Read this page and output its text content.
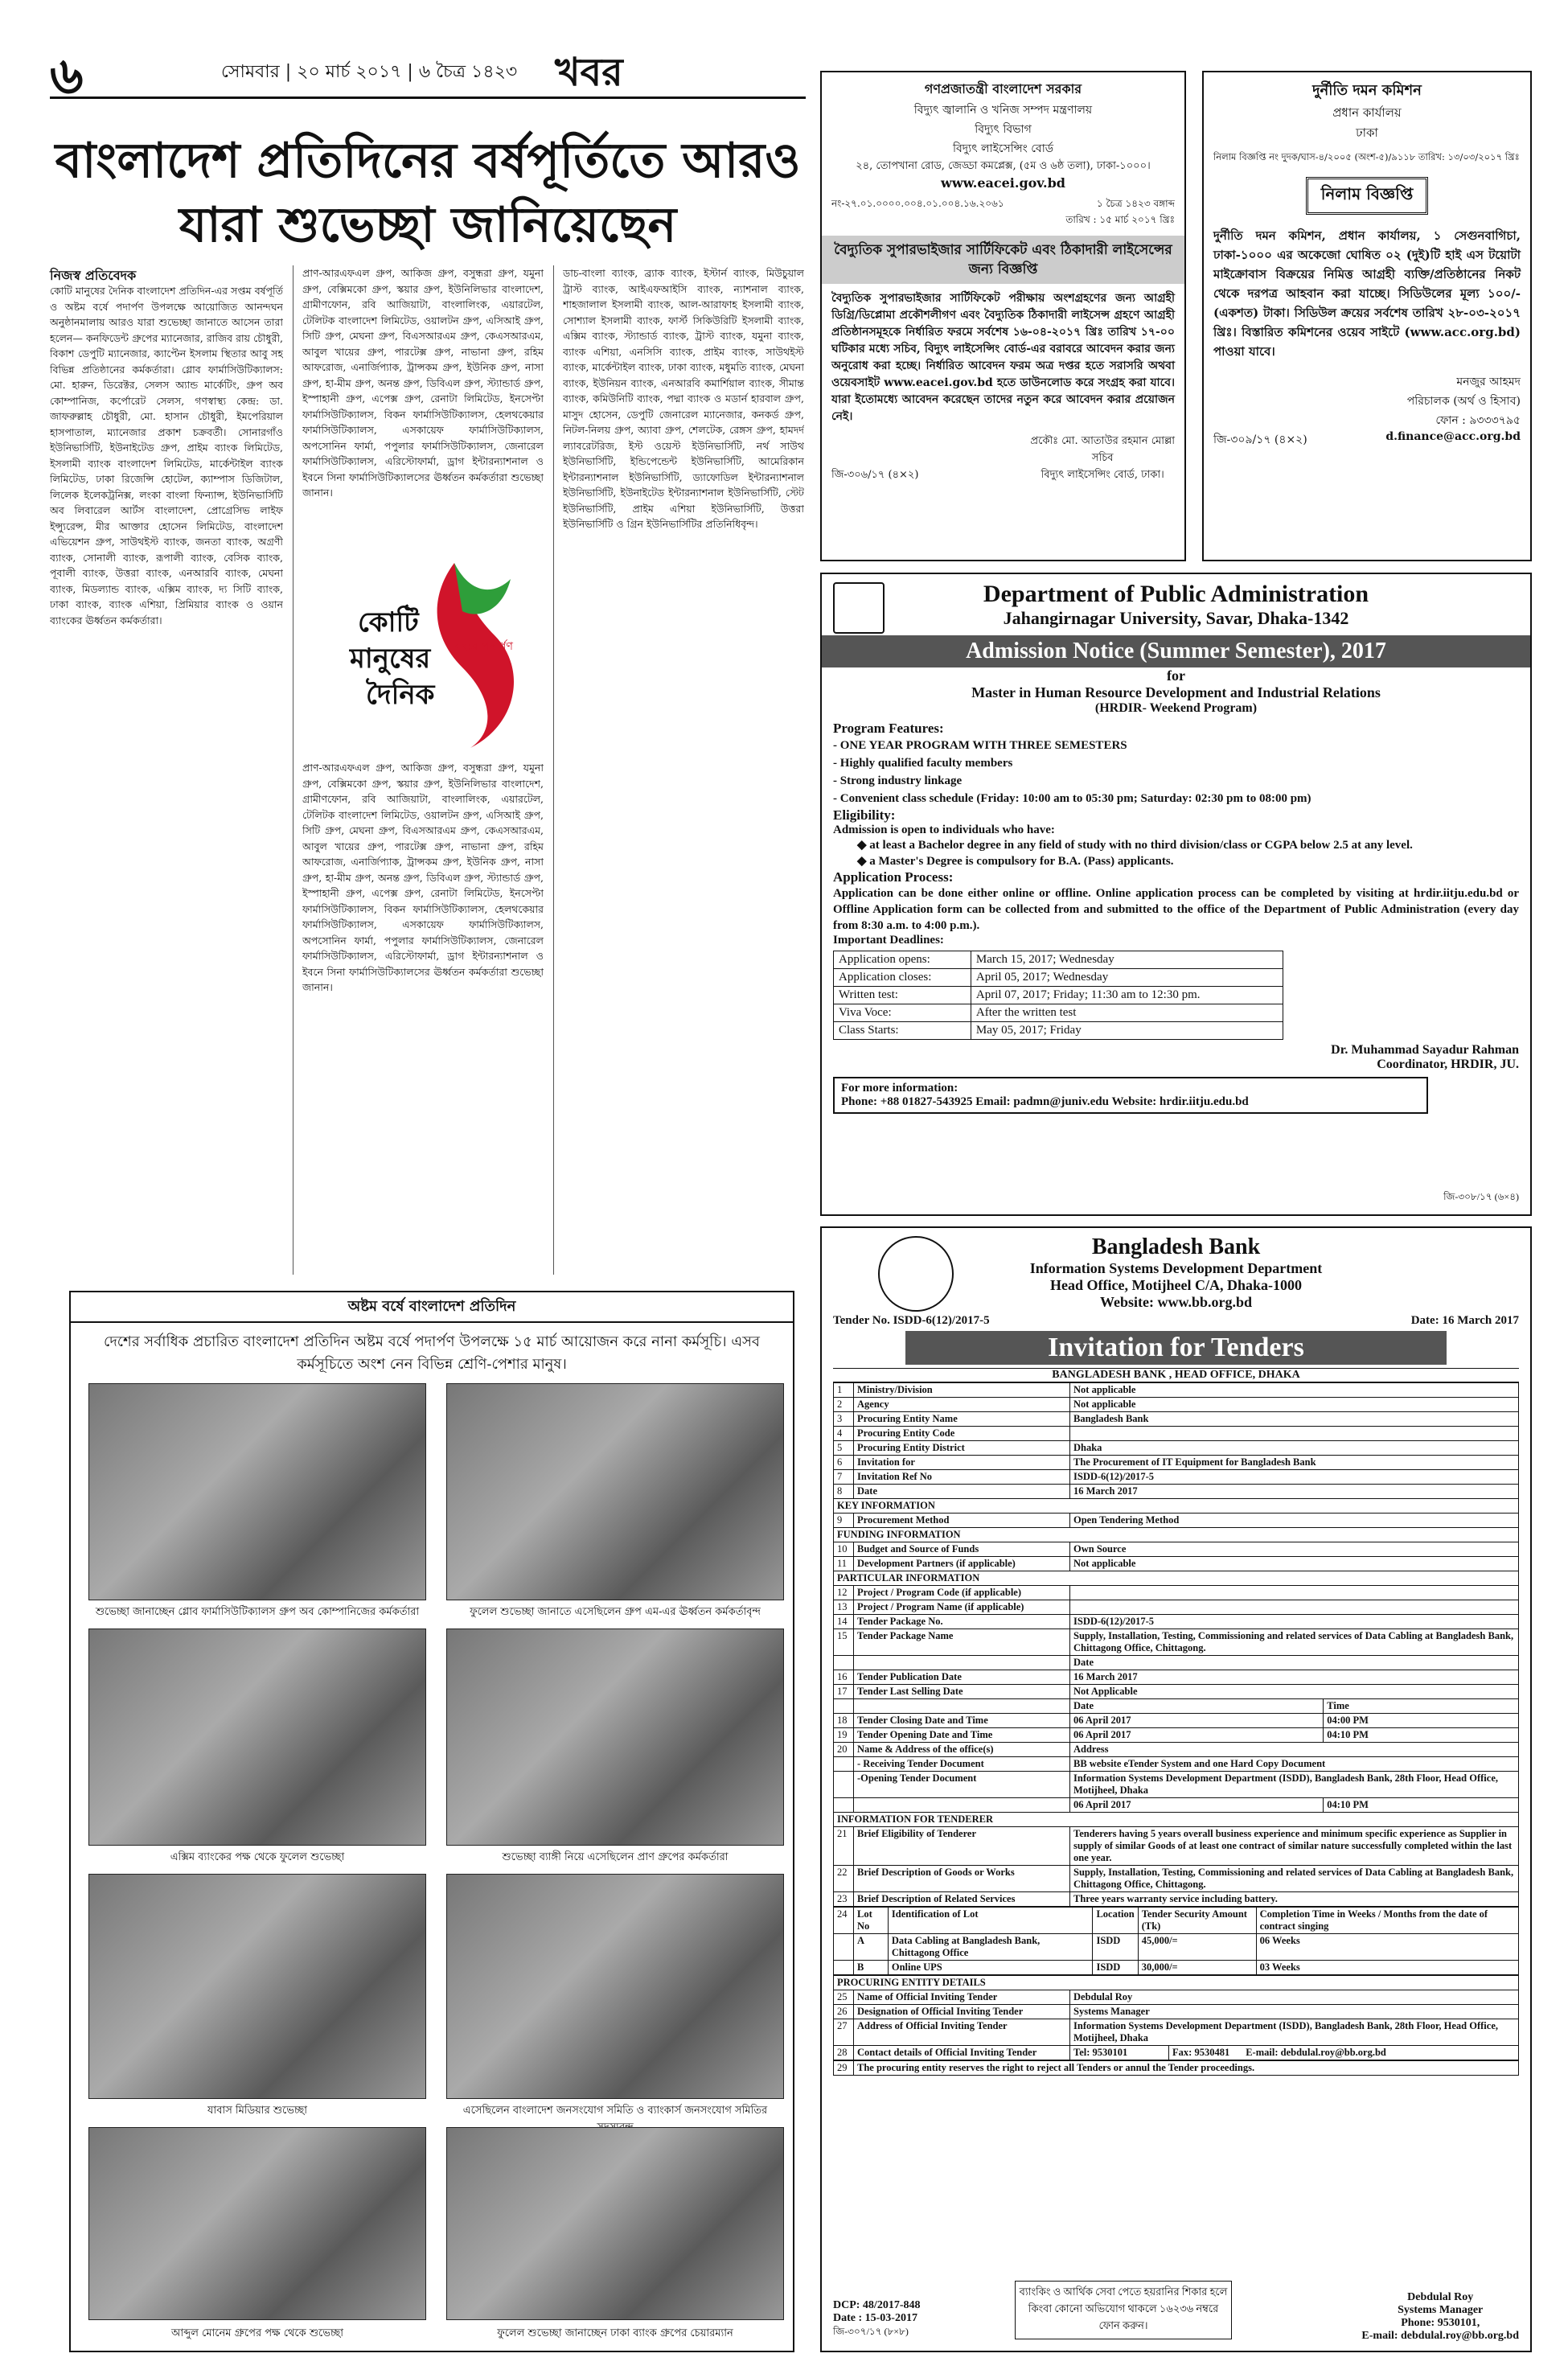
৬	সোমবার | ২০ মার্চ ২০১৭ | ৬ চৈত্র ১৪২৩ খবর
বাংলাদেশ প্রতিদিনের বর্ষপূর্তিতে আরও
যারা শুভেচ্ছা জানিয়েছেন
নিজস্ব প্রতিবেদক

কোটি মানুষের দৈনিক বাংলাদেশ প্রতিদিন-এর সপ্তম বর্ষপূর্তি ও অষ্টম বর্ষে পদার্পণ উপলক্ষে আয়োজিত আনন্দঘন অনুষ্ঠানমালায় আরও যারা শুভেচ্ছা জানাতে আসেন তারা হলেন— কনফিডেন্ট গ্রুপের ম্যানেজার, রাজিব রায় চৌধুরী, বিকাশ ডেপুটি ম্যানেজার, ক্যাপ্টেন ইসলাম স্থিতার আবু সহ বিভিন্ন প্রতিষ্ঠানের কর্মকর্তারা। গ্লোব ফার্মাসিউটিক্যালস: মো. হারুন, ডিরেক্টর, সেলস অ্যান্ড মার্কেটিং, গ্রুপ অব কোম্পানিজ, কর্পোরেট সেলস, গণস্বাস্থ্য কেন্দ্র: ডা. জাফরুল্লাহ চৌধুরী, মো. হাসান চৌধুরী, ইমপেরিয়াল হাসপাতাল, ম্যানেজার প্রকাশ চক্রবর্তী। সোনারগাঁও ইউনিভার্সিটি, ইউনাইটেড গ্রুপ, প্রাইম ব্যাংক লিমিটেড, ইসলামী ব্যাংক বাংলাদেশ লিমিটেড, মার্কেন্টাইল ব্যাংক লিমিটেড, ঢাকা রিজেন্সি হোটেল, ক্যাম্পাস ডিজিটাল, লিলেক ইলেকট্রনিক্স, লংকা বাংলা ফিন্যান্স, ইউনিভার্সিটি অব লিবারেল আর্টস বাংলাদেশ, প্রোগ্রেসিভ লাইফ ইন্স্যুরেন্স, মীর আক্তার হোসেন লিমিটেড, বাংলাদেশ এভিয়েশন গ্রুপ, সাউথইস্ট ব্যাংক, জনতা ব্যাংক, অগ্রণী ব্যাংক, সোনালী ব্যাংক, রূপালী ব্যাংক, বেসিক ব্যাংক, পূবালী ব্যাংক, উত্তরা ব্যাংক, এনআরবি ব্যাংক, মেঘনা ব্যাংক, মিডল্যান্ড ব্যাংক, এক্সিম ব্যাংক, দ্য সিটি ব্যাংক, ঢাকা ব্যাংক, ব্যাংক এশিয়া, প্রিমিয়ার ব্যাংক ও ওয়ান ব্যাংকের ঊর্ধ্বতন কর্মকর্তারা।

প্রাণ-আরএফএল গ্রুপ, আকিজ গ্রুপ, বসুন্ধরা গ্রুপ, যমুনা গ্রুপ, বেক্সিমকো গ্রুপ, স্কয়ার গ্রুপ, ইউনিলিভার বাংলাদেশ, গ্রামীণফোন, রবি আজিয়াটা, বাংলালিংক, এয়ারটেল, টেলিটক বাংলাদেশ লিমিটেড, ওয়ালটন গ্রুপ, এসিআই গ্রুপ, সিটি গ্রুপ, মেঘনা গ্রুপ, বিএসআরএম গ্রুপ, কেএসআরএম, আবুল খায়ের গ্রুপ, পারটেক্স গ্রুপ, নাভানা গ্রুপ, রহিম আফরোজ, এনার্জিপ্যাক, ট্রান্সকম গ্রুপ, ইউনিক গ্রুপ, নাসা গ্রুপ, হা-মীম গ্রুপ, অনন্ত গ্রুপ, ডিবিএল গ্রুপ, স্ট্যান্ডার্ড গ্রুপ, ইস্পাহানী গ্রুপ, এপেক্স গ্রুপ, রেনাটা লিমিটেড, ইনসেপ্টা ফার্মাসিউটিক্যালস, বিকন ফার্মাসিউটিক্যালস, হেলথকেয়ার ফার্মাসিউটিক্যালস, এসকায়েফ ফার্মাসিউটিক্যালস, অপসোনিন ফার্মা, পপুলার ফার্মাসিউটিক্যালস, জেনারেল ফার্মাসিউটিক্যালস, এরিস্টোফার্মা, ড্রাগ ইন্টারন্যাশনাল ও ইবনে সিনা ফার্মাসিউটিক্যালসের ঊর্ধ্বতন কর্মকর্তারা শুভেচ্ছা জানান।

ডাচ-বাংলা ব্যাংক, ব্র্যাক ব্যাংক, ইস্টার্ন ব্যাংক, মিউচুয়াল ট্রাস্ট ব্যাংক, আইএফআইসি ব্যাংক, ন্যাশনাল ব্যাংক, শাহজালাল ইসলামী ব্যাংক, আল-আরাফাহ ইসলামী ব্যাংক, সোশ্যাল ইসলামী ব্যাংক, ফার্স্ট সিকিউরিটি ইসলামী ব্যাংক, এক্সিম ব্যাংক, স্ট্যান্ডার্ড ব্যাংক, ট্রাস্ট ব্যাংক, যমুনা ব্যাংক, ব্যাংক এশিয়া, এনসিসি ব্যাংক, প্রাইম ব্যাংক, সাউথইস্ট ব্যাংক, মার্কেন্টাইল ব্যাংক, ঢাকা ব্যাংক, মধুমতি ব্যাংক, মেঘনা ব্যাংক, ইউনিয়ন ব্যাংক, এনআরবি কমার্শিয়াল ব্যাংক, সীমান্ত ব্যাংক, কমিউনিটি ব্যাংক, পদ্মা ব্যাংক ও মডার্ন হারবাল গ্রুপ, মাসুদ হোসেন, ডেপুটি জেনারেল ম্যানেজার, কনকর্ড গ্রুপ, নিটল-নিলয় গ্রুপ, অ্যাবা গ্রুপ, শেলটেক, রেঙ্গস গ্রুপ, হামদর্দ ল্যাবরেটরিজ, ইস্ট ওয়েস্ট ইউনিভার্সিটি, নর্থ সাউথ ইউনিভার্সিটি, ইন্ডিপেন্ডেন্ট ইউনিভার্সিটি, আমেরিকান ইন্টারন্যাশনাল ইউনিভার্সিটি, ড্যাফোডিল ইন্টারন্যাশনাল ইউনিভার্সিটি, ইউনাইটেড ইন্টারন্যাশনাল ইউনিভার্সিটি, স্টেট ইউনিভার্সিটি, প্রাইম এশিয়া ইউনিভার্সিটি, উত্তরা ইউনিভার্সিটি ও গ্রিন ইউনিভার্সিটির প্রতিনিধিবৃন্দ।

প্রাণ-আরএফএল গ্রুপ, আকিজ গ্রুপ, বসুন্ধরা গ্রুপ, যমুনা গ্রুপ, বেক্সিমকো গ্রুপ, স্কয়ার গ্রুপ, ইউনিলিভার বাংলাদেশ, গ্রামীণফোন, রবি আজিয়াটা, বাংলালিংক, এয়ারটেল, টেলিটক বাংলাদেশ লিমিটেড, ওয়ালটন গ্রুপ, এসিআই গ্রুপ, সিটি গ্রুপ, মেঘনা গ্রুপ, বিএসআরএম গ্রুপ, কেএসআরএম, আবুল খায়ের গ্রুপ, পারটেক্স গ্রুপ, নাভানা গ্রুপ, রহিম আফরোজ, এনার্জিপ্যাক, ট্রান্সকম গ্রুপ, ইউনিক গ্রুপ, নাসা গ্রুপ, হা-মীম গ্রুপ, অনন্ত গ্রুপ, ডিবিএল গ্রুপ, স্ট্যান্ডার্ড গ্রুপ, ইস্পাহানী গ্রুপ, এপেক্স গ্রুপ, রেনাটা লিমিটেড, ইনসেপ্টা ফার্মাসিউটিক্যালস, বিকন ফার্মাসিউটিক্যালস, হেলথকেয়ার ফার্মাসিউটিক্যালস, এসকায়েফ ফার্মাসিউটিক্যালস, অপসোনিন ফার্মা, পপুলার ফার্মাসিউটিক্যালস, জেনারেল ফার্মাসিউটিক্যালস, এরিস্টোফার্মা, ড্রাগ ইন্টারন্যাশনাল ও ইবনে সিনা ফার্মাসিউটিক্যালসের ঊর্ধ্বতন কর্মকর্তারা শুভেচ্ছা জানান।

কোটি
মানুষের
দৈনিক
বছরে পদার্পণ
অষ্টম বর্ষে বাংলাদেশ প্রতিদিন
দেশের সর্বাধিক প্রচারিত বাংলাদেশ প্রতিদিন অষ্টম বর্ষে পদার্পণ উপলক্ষে ১৫ মার্চ আয়োজন করে নানা কর্মসূচি। এসব কর্মসূচিতে অংশ নেন বিভিন্ন শ্রেণি-পেশার মানুষ।
শুভেচ্ছা জানাচ্ছেন গ্লোব ফার্মাসিউটিক্যালস গ্রুপ অব কোম্পানিজের কর্মকর্তারা	ফুলেল শুভেচ্ছা জানাতে এসেছিলেন গ্রুপ এম-এর ঊর্ধ্বতন কর্মকর্তাবৃন্দ
এক্সিম ব্যাংকের পক্ষ থেকে ফুলেল শুভেচ্ছা	শুভেচ্ছা ব্যাঙ্গী নিয়ে এসেছিলেন প্রাণ গ্রুপের কর্মকর্তারা
যাবাস মিডিয়ার শুভেচ্ছা	এসেছিলেন বাংলাদেশ জনসংযোগ সমিতি ও ব্যাংকার্স জনসংযোগ সমিতির
আব্দুল মোনেম গ্রুপের পক্ষ থেকে শুভেচ্ছা	ফুলেল শুভেচ্ছা জানাচ্ছেন ঢাকা ব্যাংক গ্রুপের চেয়ারম্যান
গণপ্রজাতন্ত্রী বাংলাদেশ সরকার
বিদ্যুৎ জ্বালানি ও খনিজ সম্পদ মন্ত্রণালয়
বিদ্যুৎ বিভাগ
বিদ্যুৎ লাইসেন্সিং বোর্ড
২৪, তোপখানা রোড, জেড্ডা কমপ্লেক্স, (৫ম ও ৬ষ্ঠ তলা), ঢাকা-১০০০।
www.eacei.gov.bd
নং-২৭.০১.০০০০.০০৪.০১.০০৪.১৬.২০৬১	১ চৈত্র ১৪২৩ বঙ্গাব্দ
তারিখ : ১৫ মার্চ ২০১৭ খ্রিঃ
বৈদ্যুতিক সুপারভাইজার সার্টিফিকেট এবং ঠিকাদারী লাইসেন্সের জন্য বিজ্ঞপ্তি
বৈদ্যুতিক সুপারভাইজার সার্টিফিকেট পরীক্ষায় অংশগ্রহণের জন্য আগ্রহী ডিগ্রি/ডিপ্লোমা প্রকৌশলীগণ এবং বৈদ্যুতিক ঠিকাদারী লাইসেন্স গ্রহণে আগ্রহী প্রতিষ্ঠানসমূহকে নির্ধারিত ফরমে সর্বশেষ ১৬-০৪-২০১৭ খ্রিঃ তারিখ ১৭-০০ ঘটিকার মধ্যে সচিব, বিদ্যুৎ লাইসেন্সিং বোর্ড-এর বরাবরে আবেদন করার জন্য অনুরোধ করা হচ্ছে। নির্ধারিত আবেদন ফরম অত্র দপ্তর হতে সরাসরি অথবা ওয়েবসাইট www.eacei.gov.bd হতে ডাউনলোড করে সংগ্রহ করা যাবে। যারা ইতোমধ্যে আবেদন করেছেন তাদের নতুন করে আবেদন করার প্রয়োজন নেই।
জি-৩০৬/১৭ (৪×২)
প্রকৌঃ মো. আতাউর রহমান মোল্লা
সচিব
বিদ্যুৎ লাইসেন্সিং বোর্ড, ঢাকা।
দুর্নীতি দমন কমিশন
প্রধান কার্যালয়
ঢাকা
নিলাম বিজ্ঞপ্তি নং দুদক/ঘাস-৪/২০০৫ (অংশ-৫)/৯১১৮ তারিখ: ১৩/০৩/২০১৭ খ্রিঃ
নিলাম বিজ্ঞপ্তি
দুর্নীতি দমন কমিশন, প্রধান কার্যালয়, ১ সেগুনবাগিচা, ঢাকা-১০০০ এর অকেজো ঘোষিত ০২ (দুই)টি হাই এস টয়োটা মাইক্রোবাস বিক্রয়ের নিমিত্ত আগ্রহী ব্যক্তি/প্রতিষ্ঠানের নিকট থেকে দরপত্র আহবান করা যাচ্ছে। সিডিউলের মূল্য ১০০/- (একশত) টাকা। সিডিউল ক্রয়ের সর্বশেষ তারিখ ২৮-০৩-২০১৭ খ্রিঃ। বিস্তারিত কমিশনের ওয়েব সাইটে (www.acc.org.bd) পাওয়া যাবে।
মনজুর আহমদ
পরিচালক (অর্থ ও হিসাব)
ফোন : ৯৩৩৩৭৯৫
জি-৩০৯/১৭ (৪×২)	d.finance@acc.org.bd
Department of Public Administration
Jahangirnagar University, Savar, Dhaka-1342
Admission Notice (Summer Semester), 2017
for
Master in Human Resource Development and Industrial Relations
(HRDIR- Weekend Program)
Program Features:
- ONE YEAR PROGRAM WITH THREE SEMESTERS
- Highly qualified faculty members
- Strong industry linkage
- Convenient class schedule (Friday: 10:00 am to 05:30 pm; Saturday: 02:30 pm to 08:00 pm)
Eligibility:
Admission is open to individuals who have:
◆ at least a Bachelor degree in any field of study with no third division/class or CGPA below 2.5 at any level.
◆ a Master's Degree is compulsory for B.A. (Pass) applicants.
Application Process:
Application can be done either online or offline. Online application process can be completed by visiting at hrdir.iitju.edu.bd or Offline Application form can be collected from and submitted to the office of the Department of Public Administration (every day from 8:30 a.m. to 4:00 p.m.).
Important Deadlines:
Application opens:	March 15, 2017; Wednesday
Application closes:	April 05, 2017; Wednesday
Written test:	April 07, 2017; Friday; 11:30 am to 12:30 pm.
Viva Voce:	After the written test
Class Starts:	May 05, 2017; Friday
Dr. Muhammad Sayadur Rahman
Coordinator, HRDIR, JU.
For more information:
Phone: +88 01827-543925 Email: padmn@juniv.edu Website: hrdir.iitju.edu.bd
জি-৩০৮/১৭ (৬×৪)
Bangladesh Bank
Information Systems Development Department
Head Office, Motijheel C/A, Dhaka-1000
Website: www.bb.org.bd
Tender No. ISDD-6(12)/2017-5	Date: 16 March 2017
Invitation for Tenders
BANGLADESH BANK , HEAD OFFICE, DHAKA
1	Ministry/Division	Not applicable	
2	Agency	Not applicable	
3	Procuring Entity Name	Bangladesh Bank	
4	Procuring Entity Code		
5	Procuring Entity District	Dhaka	
6	Invitation for	The Procurement of IT Equipment for Bangladesh Bank	
7	Invitation Ref No	ISDD-6(12)/2017-5	
8	Date	16 March 2017	
KEY INFORMATION			
9	Procurement Method	Open Tendering Method	
FUNDING INFORMATION			
10	Budget and Source of Funds	Own Source	
11	Development Partners (if applicable)	Not applicable	
PARTICULAR INFORMATION			
12	Project / Program Code (if applicable)		
13	Project / Program Name (if applicable)		
14	Tender Package No.	ISDD-6(12)/2017-5	
15	Tender Package Name	Supply, Installation, Testing, Commissioning and related services of Data Cabling at Bangladesh Bank, Chittagong Office, Chittagong.	
		Date	
16	Tender Publication Date	16 March 2017	
17	Tender Last Selling Date	Not Applicable	
		Date	Time
18	Tender Closing Date and Time	06 April 2017	04:00 PM
19	Tender Opening Date and Time	06 April 2017	04:10 PM
20	Name & Address of the office(s)	Address	
	- Receiving Tender Document	BB website eTender System and one Hard Copy Document	
	-Opening Tender Document	Information Systems Development Department (ISDD), Bangladesh Bank, 28th Floor, Head Office, Motijheel, Dhaka	
		06 April 2017	04:10 PM
INFORMATION FOR TENDERER			
21	Brief Eligibility of Tenderer	Tenderers having 5 years overall business experience and minimum specific experience as Supplier in supply of similar Goods of at least one contract of similar nature successfully completed within the last one year.	
22	Brief Description of Goods or Works	Supply, Installation, Testing, Commissioning and related services of Data Cabling at Bangladesh Bank, Chittagong Office, Chittagong.	
23	Brief Description of Related Services	Three years warranty service including battery.	
24	Lot No	Identification of Lot	Location	Tender Security Amount (Tk)	Completion Time in Weeks / Months from the date of contract singing
	A	Data Cabling at Bangladesh Bank, Chittagong Office	ISDD	45,000/=	06 Weeks
	B	Online UPS	ISDD	30,000/=	03 Weeks
PROCURING ENTITY DETAILS			
25	Name of Official Inviting Tender	Debdulal Roy	
26	Designation of Official Inviting Tender	Systems Manager	
27	Address of Official Inviting Tender	Information Systems Development Department (ISDD), Bangladesh Bank, 28th Floor, Head Office, Motijheel, Dhaka	
28	Contact details of Official Inviting Tender	Tel: 9530101	Fax: 9530481 E-mail: debdulal.roy@bb.org.bd
29	The procuring entity reserves the right to reject all Tenders or annul the Tender proceedings.
DCP: 48/2017-848
Date : 15-03-2017
জি-৩০৭/১৭ (৮×৮)
ব্যাংকিং ও আর্থিক সেবা পেতে হয়রানির শিকার হলে কিংবা কোনো অভিযোগ থাকলে ১৬২৩৬ নম্বরে ফোন করুন।
Debdulal Roy
Systems Manager
Phone: 9530101,
E-mail: debdulal.roy@bb.org.bd
